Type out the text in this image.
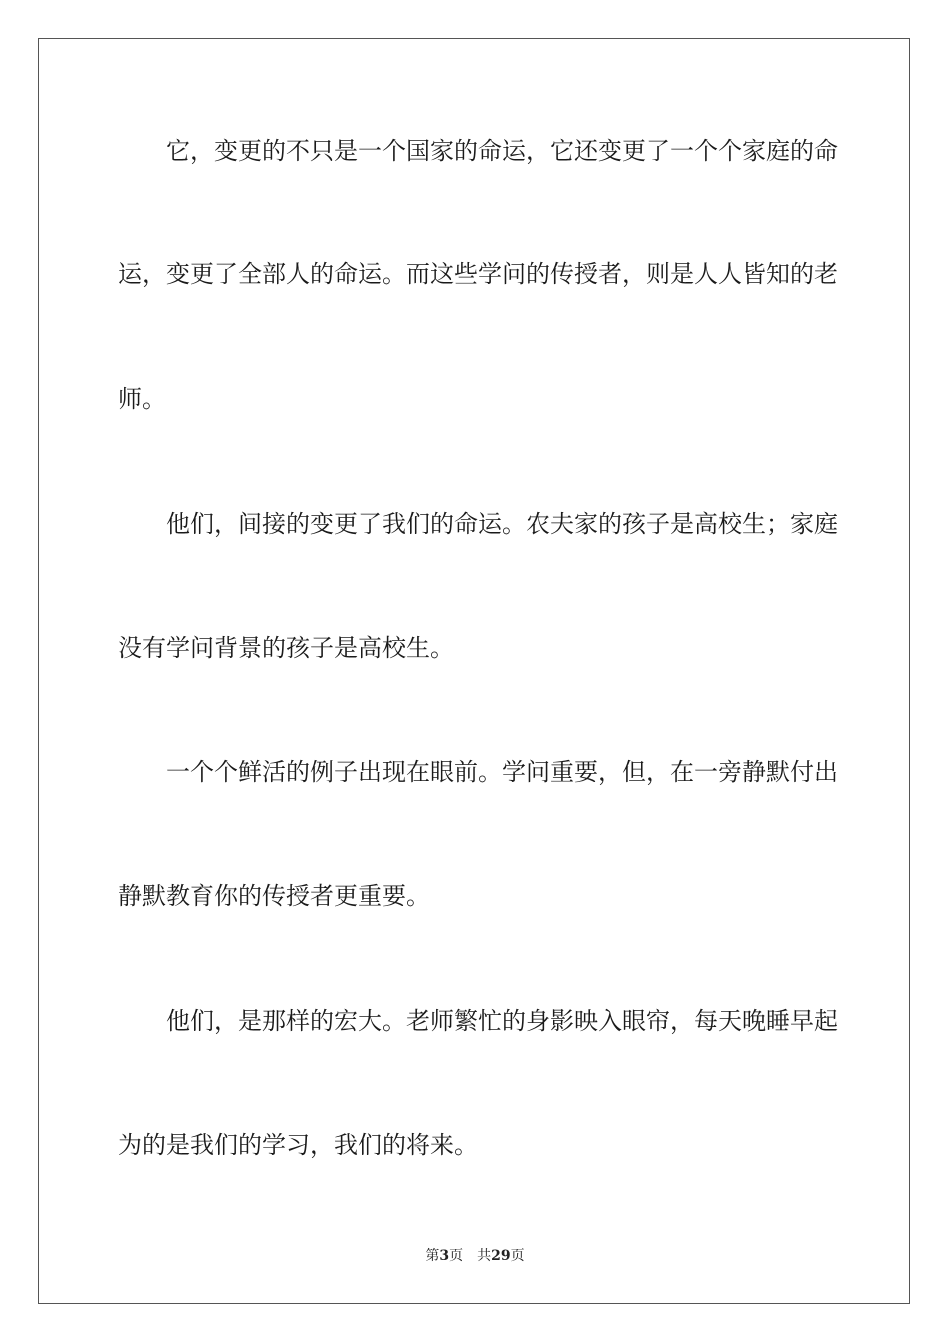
它，变更的不只是一个国家的命运，它还变更了一个个家庭的命
运，变更了全部人的命运。而这些学问的传授者，则是人人皆知的老
师。
他们，间接的变更了我们的命运。农夫家的孩子是高校生；家庭
没有学问背景的孩子是高校生。
一个个鲜活的例子出现在眼前。学问重要，但，在一旁静默付出
静默教育你的传授者更重要。
他们，是那样的宏大。老师繁忙的身影映入眼帘，每天晚睡早起
为的是我们的学习，我们的将来。
第3页 共29页
